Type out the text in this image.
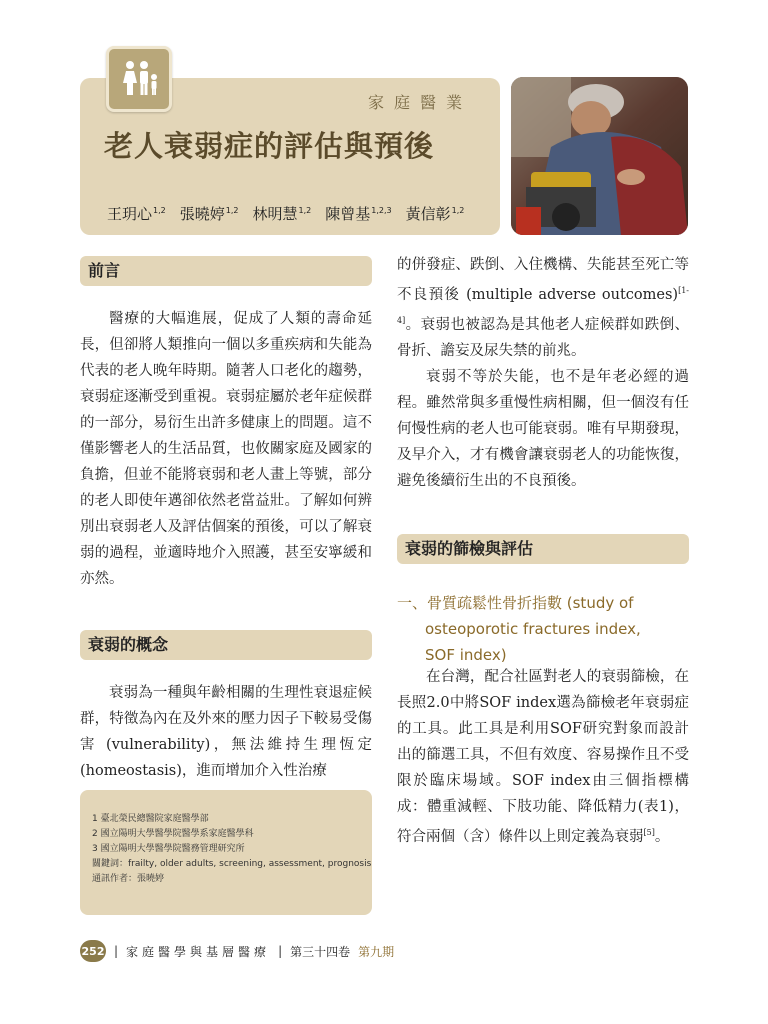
家庭醫業
老人衰弱症的評估與預後
王玥心$^{1,2}$ 張曉婷$^{1,2}$ 林明慧$^{1,2}$ 陳曾基$^{1,2,3}$ 黃信彰$^{1,2}$
前言

醫療的大幅進展，促成了人類的壽命延長，但卻將人類推向一個以多重疾病和失能為代表的老人晚年時期。隨著人口老化的趨勢，衰弱症逐漸受到重視。衰弱症屬於老年症候群的一部分，易衍生出許多健康上的問題。這不僅影響老人的生活品質，也攸關家庭及國家的負擔，但並不能將衰弱和老人畫上等號，部分的老人即使年邁卻依然老當益壯。了解如何辨別出衰弱老人及評估個案的預後，可以了解衰弱的過程，並適時地介入照護，甚至安寧緩和亦然。

衰弱的概念

衰弱為一種與年齡相關的生理性衰退症候群，特徵為內在及外來的壓力因子下較易受傷害 (vulnerability)，無法維持生理恆定 (homeostasis)，進而增加介入性治療

1 臺北榮民總醫院家庭醫學部
2 國立陽明大學醫學院醫學系家庭醫學科
3 國立陽明大學醫學院醫務管理研究所
關鍵詞：frailty, older adults, screening, assessment, prognosis
通訊作者：張曉婷

的併發症、跌倒、入住機構、失能甚至死亡等不良預後 (multiple adverse outcomes)[1-4]。衰弱也被認為是其他老人症候群如跌倒、骨折、譫妄及尿失禁的前兆。

衰弱不等於失能，也不是年老必經的過程。雖然常與多重慢性病相關，但一個沒有任何慢性病的老人也可能衰弱。唯有早期發現，及早介入，才有機會讓衰弱老人的功能恢復，避免後續衍生出的不良預後。

衰弱的篩檢與評估
一、骨質疏鬆性骨折指數 (study of
osteoporotic fractures index,
SOF index)

在台灣，配合社區對老人的衰弱篩檢，在長照2.0中將SOF index選為篩檢老年衰弱症的工具。此工具是利用SOF研究對象而設計出的篩選工具，不但有效度、容易操作且不受限於臨床場域。SOF index由三個指標構成：體重減輕、下肢功能、降低精力(表1)，符合兩個（含）條件以上則定義為衰弱[5]。

252 | 家庭醫學與基層醫療 | 第三十四卷 第九期
